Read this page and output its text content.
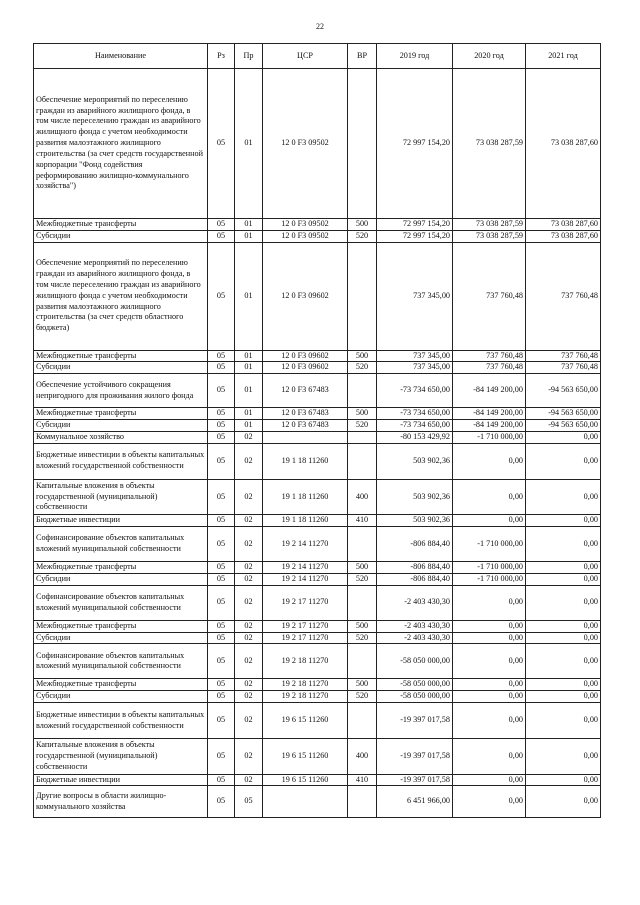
22
Наименование	Рз	Пр	ЦСР	ВР	2019 год	2020 год	2021 год
Обеспечение мероприятий по переселению граждан из аварийного жилищного фонда, в том числе переселению граждан из аварийного жилищного фонда с учетом необходимости развития малоэтажного жилищного строительства (за счет средств государственной корпорации "Фонд содействия реформированию жилищно-коммунального хозяйства")	05	01	12 0 F3 09502		72 997 154,20	73 038 287,59	73 038 287,60
Межбюджетные трансферты	05	01	12 0 F3 09502	500	72 997 154,20	73 038 287,59	73 038 287,60
Субсидии	05	01	12 0 F3 09502	520	72 997 154,20	73 038 287,59	73 038 287,60
Обеспечение мероприятий по переселению граждан из аварийного жилищного фонда, в том числе переселению граждан из аварийного жилищного фонда с учетом необходимости развития малоэтажного жилищного строительства (за счет средств областного бюджета)	05	01	12 0 F3 09602		737 345,00	737 760,48	737 760,48
Межбюджетные трансферты	05	01	12 0 F3 09602	500	737 345,00	737 760,48	737 760,48
Субсидии	05	01	12 0 F3 09602	520	737 345,00	737 760,48	737 760,48
Обеспечение устойчивого сокращения непригодного для проживания жилого фонда	05	01	12 0 F3 67483		-73 734 650,00	-84 149 200,00	-94 563 650,00
Межбюджетные трансферты	05	01	12 0 F3 67483	500	-73 734 650,00	-84 149 200,00	-94 563 650,00
Субсидии	05	01	12 0 F3 67483	520	-73 734 650,00	-84 149 200,00	-94 563 650,00
Коммунальное хозяйство	05	02			-80 153 429,92	-1 710 000,00	0,00
Бюджетные инвестиции в объекты капитальных вложений государственной собственности	05	02	19 1 18 11260		503 902,36	0,00	0,00
Капитальные вложения в объекты государственной (муниципальной) собственности	05	02	19 1 18 11260	400	503 902,36	0,00	0,00
Бюджетные инвестиции	05	02	19 1 18 11260	410	503 902,36	0,00	0,00
Софинансирование объектов капитальных вложений муниципальной собственности	05	02	19 2 14 11270		-806 884,40	-1 710 000,00	0,00
Межбюджетные трансферты	05	02	19 2 14 11270	500	-806 884,40	-1 710 000,00	0,00
Субсидии	05	02	19 2 14 11270	520	-806 884,40	-1 710 000,00	0,00
Софинансирование объектов капитальных вложений муниципальной собственности	05	02	19 2 17 11270		-2 403 430,30	0,00	0,00
Межбюджетные трансферты	05	02	19 2 17 11270	500	-2 403 430,30	0,00	0,00
Субсидии	05	02	19 2 17 11270	520	-2 403 430,30	0,00	0,00
Софинансирование объектов капитальных вложений муниципальной собственности	05	02	19 2 18 11270		-58 050 000,00	0,00	0,00
Межбюджетные трансферты	05	02	19 2 18 11270	500	-58 050 000,00	0,00	0,00
Субсидии	05	02	19 2 18 11270	520	-58 050 000,00	0,00	0,00
Бюджетные инвестиции в объекты капитальных вложений государственной собственности	05	02	19 6 15 11260		-19 397 017,58	0,00	0,00
Капитальные вложения в объекты государственной (муниципальной) собственности	05	02	19 6 15 11260	400	-19 397 017,58	0,00	0,00
Бюджетные инвестиции	05	02	19 6 15 11260	410	-19 397 017,58	0,00	0,00
Другие вопросы в области жилищно-коммунального хозяйства	05	05			6 451 966,00	0,00	0,00
